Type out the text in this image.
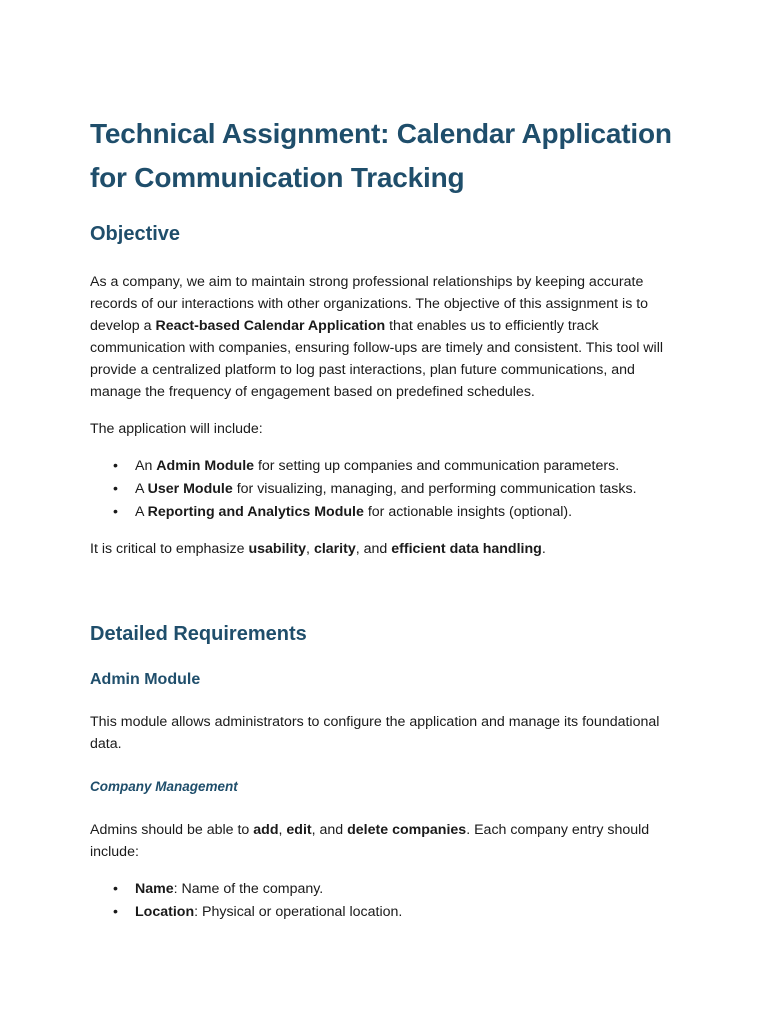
Technical Assignment: Calendar Application for Communication Tracking
Objective

As a company, we aim to maintain strong professional relationships by keeping accurate records of our interactions with other organizations. The objective of this assignment is to develop a React-based Calendar Application that enables us to efficiently track communication with companies, ensuring follow-ups are timely and consistent. This tool will provide a centralized platform to log past interactions, plan future communications, and manage the frequency of engagement based on predefined schedules.

The application will include:

• An Admin Module for setting up companies and communication parameters.
• A User Module for visualizing, managing, and performing communication tasks.
• A Reporting and Analytics Module for actionable insights (optional).

It is critical to emphasize usability, clarity, and efficient data handling.

Detailed Requirements
Admin Module

This module allows administrators to configure the application and manage its foundational data.

Company Management

Admins should be able to add, edit, and delete companies. Each company entry should include:

• Name: Name of the company.
• Location: Physical or operational location.
